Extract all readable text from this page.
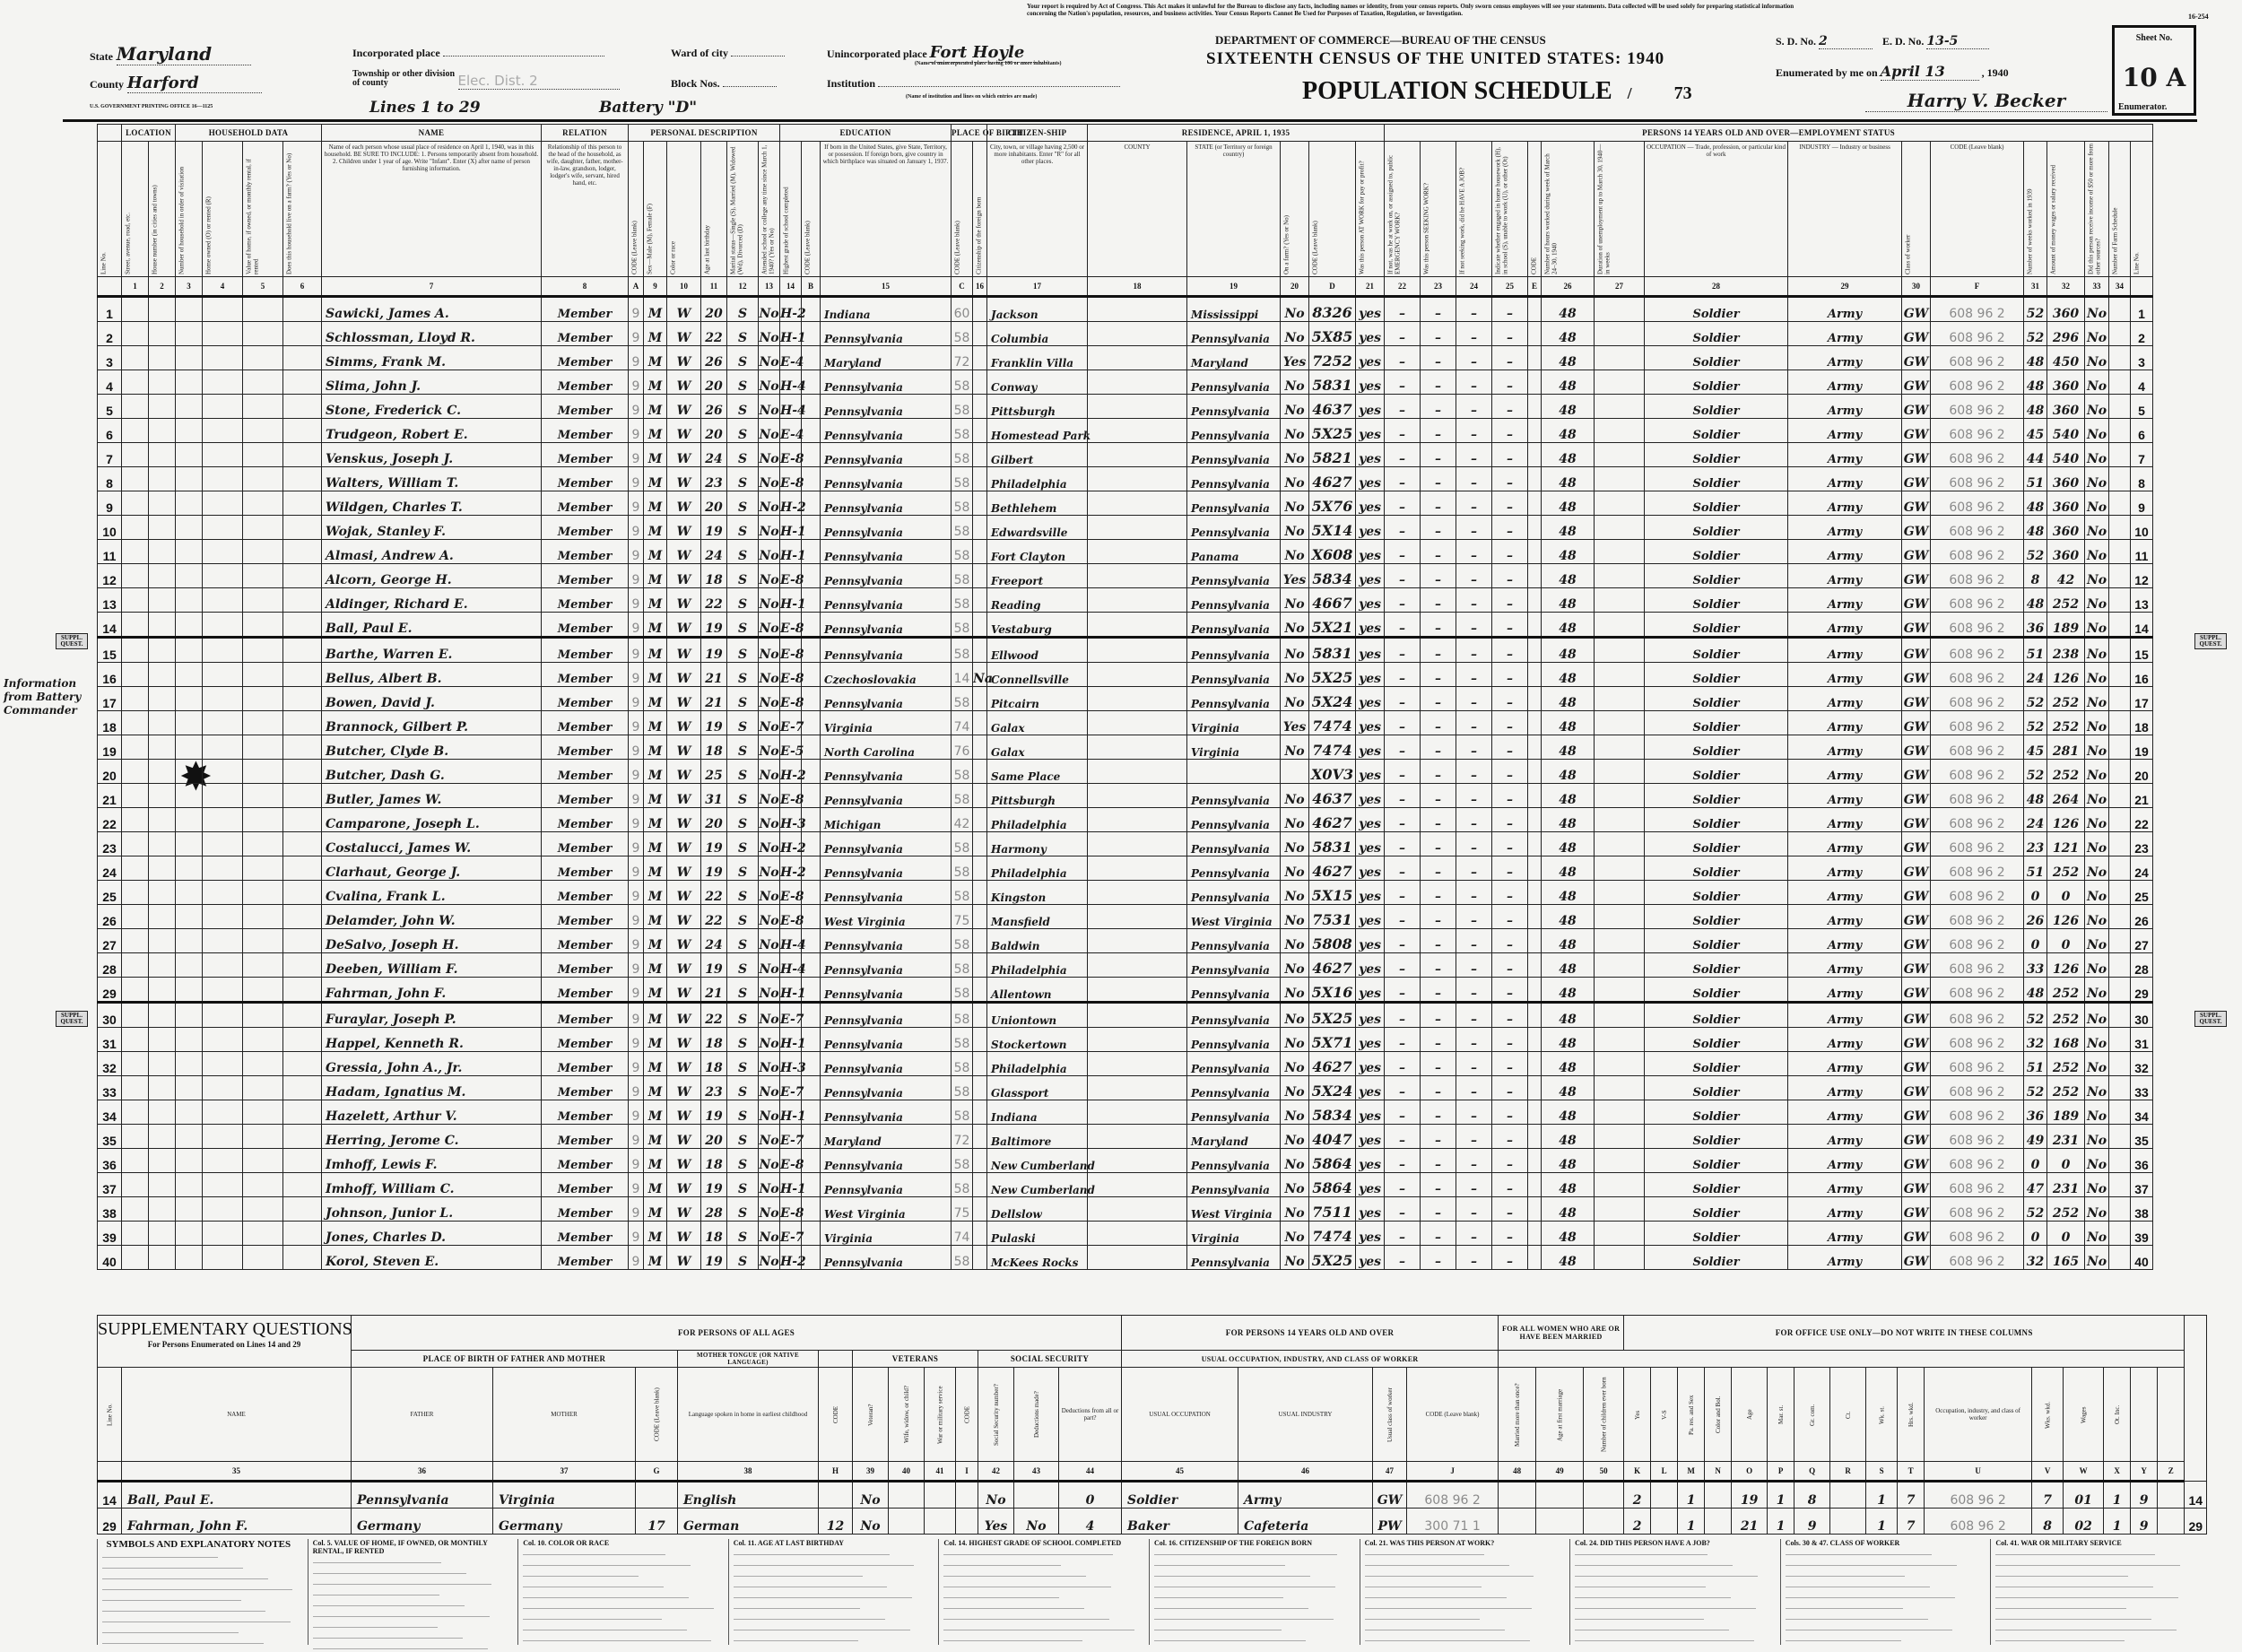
16-254
Your report is required by Act of Congress. This Act makes it unlawful for the Bureau to disclose any facts, including names or identity, from your census reports. Only sworn census employees will see your statements. Data collected will be used solely for preparing statistical information concerning the Nation's population, resources, and business activities. Your Census Reports Cannot Be Used for Purposes of Taxation, Regulation, or Investigation.
State Maryland
County Harford
U.S. GOVERNMENT PRINTING OFFICE 16—1125
Incorporated place
Township or other division of county	Elec. Dist. 2
Lines 1 to 29	Battery "D"
Ward of city
Block Nos.
Unincorporated place Fort Hoyle
(Name of unincorporated place having 100 or more inhabitants)
Institution
(Name of institution and lines on which entries are made)
DEPARTMENT OF COMMERCE—BUREAU OF THE CENSUS
SIXTEENTH CENSUS OF THE UNITED STATES: 1940
POPULATION SCHEDULE / 73
S. D. No. 2	E. D. No. 13-5
Enumerated by me on April 13	, 1940
Harry V. Becker	Enumerator.
Sheet No.
10 A
Information from Battery Commander
✸
SUPPL. QUEST.
SUPPL. QUEST.
SUPPL. QUEST.
SUPPL. QUEST.
	LOCATION		HOUSEHOLD DATA				NAME	RELATION	PERSONAL DESCRIPTION						EDUCATION			PLACE OF BIRTH		CITIZEN-SHIP	RESIDENCE, APRIL 1, 1935					PERSONS 14 YEARS OLD AND OVER—EMPLOYMENT STATUS																
Line No.	Street, avenue, road, etc.	House number (in cities and towns)	Number of household in order of visitation	Home owned (O) or rented (R)	Value of home, if owned, or monthly rental, if rented	Does this household live on a farm? (Yes or No)	Name of each person whose usual place of residence on April 1, 1940, was in this household. BE SURE TO INCLUDE: 1. Persons temporarily absent from household. 2. Children under 1 year of age. Write "Infant". Enter (X) after name of person furnishing information.	Relationship of this person to the head of the household, as wife, daughter, father, mother-in-law, grandson, lodger, lodger's wife, servant, hired hand, etc.	CODE (Leave blank)	Sex—Male (M), Female (F)	Color or race	Age at last birthday	Marital status—Single (S), Married (M), Widowed (Wd), Divorced (D)	Attended school or college any time since March 1, 1940? (Yes or No)	Highest grade of school completed	CODE (Leave blank)	If born in the United States, give State, Territory, or possession. If foreign born, give country in which birthplace was situated on January 1, 1937.	CODE (Leave blank)	Citizenship of the foreign born	City, town, or village having 2,500 or more inhabitants. Enter "R" for all other places.	COUNTY	STATE (or Territory or foreign country)	On a farm? (Yes or No)	CODE (Leave blank)	Was this person AT WORK for pay or profit?	If not, was he at work on, or assigned to, public EMERGENCY WORK?	Was this person SEEKING WORK?	If not seeking work, did he HAVE A JOB?	Indicate whether engaged in home housework (H), in school (S), unable to work (U), or other (Ot)	CODE	Number of hours worked during week of March 24–30, 1940	Duration of unemployment up to March 30, 1940—in weeks	OCCUPATION — Trade, profession, or particular kind of work	INDUSTRY — Industry or business	Class of worker	CODE (Leave blank)	Number of weeks worked in 1939	Amount of money wages or salary received	Did this person receive income of $50 or more from other sources?	Number of Farm Schedule	Line No.	
	1	2	3	4	5	6	7	8	A	9	10	11	12	13	14	B	15	C	16	17	18	19	20	D	21	22	23	24	25	E	26	27	28	29	30	F	31	32	33	34		
1							Sawicki, James A.	Member	9	M	W	20	S	No	H-2		Indiana	60		Jackson		Mississippi	No	8326	yes	–	–	–	–		48		Soldier	Army	GW	608 96 2	52	360	No		1	
2							Schlossman, Lloyd R.	Member	9	M	W	22	S	No	H-1		Pennsylvania	58		Columbia		Pennsylvania	No	5X85	yes	–	–	–	–		48		Soldier	Army	GW	608 96 2	52	296	No		2	
3							Simms, Frank M.	Member	9	M	W	26	S	No	E-4		Maryland	72		Franklin Villa		Maryland	Yes	7252	yes	–	–	–	–		48		Soldier	Army	GW	608 96 2	48	450	No		3	
4							Slima, John J.	Member	9	M	W	20	S	No	H-4		Pennsylvania	58		Conway		Pennsylvania	No	5831	yes	–	–	–	–		48		Soldier	Army	GW	608 96 2	48	360	No		4	
5							Stone, Frederick C.	Member	9	M	W	26	S	No	H-4		Pennsylvania	58		Pittsburgh		Pennsylvania	No	4637	yes	–	–	–	–		48		Soldier	Army	GW	608 96 2	48	360	No		5	
6							Trudgeon, Robert E.	Member	9	M	W	20	S	No	E-4		Pennsylvania	58		Homestead Park		Pennsylvania	No	5X25	yes	–	–	–	–		48		Soldier	Army	GW	608 96 2	45	540	No		6	
7							Venskus, Joseph J.	Member	9	M	W	24	S	No	E-8		Pennsylvania	58		Gilbert		Pennsylvania	No	5821	yes	–	–	–	–		48		Soldier	Army	GW	608 96 2	44	540	No		7	
8							Walters, William T.	Member	9	M	W	23	S	No	E-8		Pennsylvania	58		Philadelphia		Pennsylvania	No	4627	yes	–	–	–	–		48		Soldier	Army	GW	608 96 2	51	360	No		8	
9							Wildgen, Charles T.	Member	9	M	W	20	S	No	H-2		Pennsylvania	58		Bethlehem		Pennsylvania	No	5X76	yes	–	–	–	–		48		Soldier	Army	GW	608 96 2	48	360	No		9	
10							Wojak, Stanley F.	Member	9	M	W	19	S	No	H-1		Pennsylvania	58		Edwardsville		Pennsylvania	No	5X14	yes	–	–	–	–		48		Soldier	Army	GW	608 96 2	48	360	No		10	
11							Almasi, Andrew A.	Member	9	M	W	24	S	No	H-1		Pennsylvania	58		Fort Clayton		Panama	No	X608	yes	–	–	–	–		48		Soldier	Army	GW	608 96 2	52	360	No		11	
12							Alcorn, George H.	Member	9	M	W	18	S	No	E-8		Pennsylvania	58		Freeport		Pennsylvania	Yes	5834	yes	–	–	–	–		48		Soldier	Army	GW	608 96 2	8	42	No		12	
13							Aldinger, Richard E.	Member	9	M	W	22	S	No	H-1		Pennsylvania	58		Reading		Pennsylvania	No	4667	yes	–	–	–	–		48		Soldier	Army	GW	608 96 2	48	252	No		13	
14							Ball, Paul E.	Member	9	M	W	19	S	No	E-8		Pennsylvania	58		Vestaburg		Pennsylvania	No	5X21	yes	–	–	–	–		48		Soldier	Army	GW	608 96 2	36	189	No		14	
15							Barthe, Warren E.	Member	9	M	W	19	S	No	E-8		Pennsylvania	58		Ellwood		Pennsylvania	No	5831	yes	–	–	–	–		48		Soldier	Army	GW	608 96 2	51	238	No		15	
16							Bellus, Albert B.	Member	9	M	W	21	S	No	E-8		Czechoslovakia	14	Na	Connellsville		Pennsylvania	No	5X25	yes	–	–	–	–		48		Soldier	Army	GW	608 96 2	24	126	No		16	
17							Bowen, David J.	Member	9	M	W	21	S	No	E-8		Pennsylvania	58		Pitcairn		Pennsylvania	No	5X24	yes	–	–	–	–		48		Soldier	Army	GW	608 96 2	52	252	No		17	
18							Brannock, Gilbert P.	Member	9	M	W	19	S	No	E-7		Virginia	74		Galax		Virginia	Yes	7474	yes	–	–	–	–		48		Soldier	Army	GW	608 96 2	52	252	No		18	
19							Butcher, Clyde B.	Member	9	M	W	18	S	No	E-5		North Carolina	76		Galax		Virginia	No	7474	yes	–	–	–	–		48		Soldier	Army	GW	608 96 2	45	281	No		19	
20							Butcher, Dash G.	Member	9	M	W	25	S	No	H-2		Pennsylvania	58		Same Place				X0V3	yes	–	–	–	–		48		Soldier	Army	GW	608 96 2	52	252	No		20	
21							Butler, James W.	Member	9	M	W	31	S	No	E-8		Pennsylvania	58		Pittsburgh		Pennsylvania	No	4637	yes	–	–	–	–		48		Soldier	Army	GW	608 96 2	48	264	No		21	
22							Camparone, Joseph L.	Member	9	M	W	20	S	No	H-3		Michigan	42		Philadelphia		Pennsylvania	No	4627	yes	–	–	–	–		48		Soldier	Army	GW	608 96 2	24	126	No		22	
23							Costalucci, James W.	Member	9	M	W	19	S	No	H-2		Pennsylvania	58		Harmony		Pennsylvania	No	5831	yes	–	–	–	–		48		Soldier	Army	GW	608 96 2	23	121	No		23	
24							Clarhaut, George J.	Member	9	M	W	19	S	No	H-2		Pennsylvania	58		Philadelphia		Pennsylvania	No	4627	yes	–	–	–	–		48		Soldier	Army	GW	608 96 2	51	252	No		24	
25							Cvalina, Frank L.	Member	9	M	W	22	S	No	E-8		Pennsylvania	58		Kingston		Pennsylvania	No	5X15	yes	–	–	–	–		48		Soldier	Army	GW	608 96 2	0	0	No		25	
26							Delamder, John W.	Member	9	M	W	22	S	No	E-8		West Virginia	75		Mansfield		West Virginia	No	7531	yes	–	–	–	–		48		Soldier	Army	GW	608 96 2	26	126	No		26	
27							DeSalvo, Joseph H.	Member	9	M	W	24	S	No	H-4		Pennsylvania	58		Baldwin		Pennsylvania	No	5808	yes	–	–	–	–		48		Soldier	Army	GW	608 96 2	0	0	No		27	
28							Deeben, William F.	Member	9	M	W	19	S	No	H-4		Pennsylvania	58		Philadelphia		Pennsylvania	No	4627	yes	–	–	–	–		48		Soldier	Army	GW	608 96 2	33	126	No		28	
29							Fahrman, John F.	Member	9	M	W	21	S	No	H-1		Pennsylvania	58		Allentown		Pennsylvania	No	5X16	yes	–	–	–	–		48		Soldier	Army	GW	608 96 2	48	252	No		29	
30							Furaylar, Joseph P.	Member	9	M	W	22	S	No	E-7		Pennsylvania	58		Uniontown		Pennsylvania	No	5X25	yes	–	–	–	–		48		Soldier	Army	GW	608 96 2	52	252	No		30	
31							Happel, Kenneth R.	Member	9	M	W	18	S	No	H-1		Pennsylvania	58		Stockertown		Pennsylvania	No	5X71	yes	–	–	–	–		48		Soldier	Army	GW	608 96 2	32	168	No		31	
32							Gressia, John A., Jr.	Member	9	M	W	18	S	No	H-3		Pennsylvania	58		Philadelphia		Pennsylvania	No	4627	yes	–	–	–	–		48		Soldier	Army	GW	608 96 2	51	252	No		32	
33							Hadam, Ignatius M.	Member	9	M	W	23	S	No	E-7		Pennsylvania	58		Glassport		Pennsylvania	No	5X24	yes	–	–	–	–		48		Soldier	Army	GW	608 96 2	52	252	No		33	
34							Hazelett, Arthur V.	Member	9	M	W	19	S	No	H-1		Pennsylvania	58		Indiana		Pennsylvania	No	5834	yes	–	–	–	–		48		Soldier	Army	GW	608 96 2	36	189	No		34	
35							Herring, Jerome C.	Member	9	M	W	20	S	No	E-7		Maryland	72		Baltimore		Maryland	No	4047	yes	–	–	–	–		48		Soldier	Army	GW	608 96 2	49	231	No		35	
36							Imhoff, Lewis F.	Member	9	M	W	18	S	No	E-8		Pennsylvania	58		New Cumberland		Pennsylvania	No	5864	yes	–	–	–	–		48		Soldier	Army	GW	608 96 2	0	0	No		36	
37							Imhoff, William C.	Member	9	M	W	19	S	No	H-1		Pennsylvania	58		New Cumberland		Pennsylvania	No	5864	yes	–	–	–	–		48		Soldier	Army	GW	608 96 2	47	231	No		37	
38							Johnson, Junior L.	Member	9	M	W	28	S	No	E-8		West Virginia	75		Dellslow		West Virginia	No	7511	yes	–	–	–	–		48		Soldier	Army	GW	608 96 2	52	252	No		38	
39							Jones, Charles D.	Member	9	M	W	18	S	No	E-7		Virginia	74		Pulaski		Virginia	No	7474	yes	–	–	–	–		48		Soldier	Army	GW	608 96 2	0	0	No		39	
40							Korol, Steven E.	Member	9	M	W	19	S	No	H-2		Pennsylvania	58		McKees Rocks		Pennsylvania	No	5X25	yes	–	–	–	–		48		Soldier	Army	GW	608 96 2	32	165	No		40	
SUPPLEMENTARY QUESTIONS
For Persons Enumerated on Lines 14 and 29		FOR PERSONS OF ALL AGES												FOR PERSONS 14 YEARS OLD AND OVER				FOR ALL WOMEN WHO ARE OR HAVE BEEN MARRIED			FOR OFFICE USE ONLY—DO NOT WRITE IN THESE COLUMNS																
		PLACE OF BIRTH OF FATHER AND MOTHER			MOTHER TONGUE (OR NATIVE LANGUAGE)		VETERANS				SOCIAL SECURITY			USUAL OCCUPATION, INDUSTRY, AND CLASS OF WORKER																							
Line No.	NAME	FATHER	MOTHER	CODE (Leave blank)	Language spoken in home in earliest childhood	CODE	Veteran?	Wife, widow, or child?	War or military service	CODE	Social Security number?	Deductions made?	Deductions from all or part?	USUAL OCCUPATION	USUAL INDUSTRY	Usual class of worker	CODE (Leave blank)	Married more than once?	Age at first marriage	Number of children ever born	Yes	V-S	Pa. res. and Sex	Color and Bol.	Age	Mar. st.	Gr. com.	Ct.	Wk. st.	Hrs. wkd.	Occupation, industry, and class of worker	Wks. wkd.	Wages	Ot. Inc.			
	35	36	37	G	38	H	39	40	41	I	42	43	44	45	46	47	J	48	49	50	K	L	M	N	O	P	Q	R	S	T	U	V	W	X	Y	Z	
14	Ball, Paul E.	Pennsylvania	Virginia		English		No				No		0	Soldier	Army	GW	608 96 2				2		1		19	1	8		1	7	608 96 2	7	01	1	9		14
29	Fahrman, John F.	Germany	Germany	17	German	12	No				Yes	No	4	Baker	Cafeteria	PW	300 71 1				2		1		21	1	9		1	7	608 96 2	8	02	1	9		29
SYMBOLS AND EXPLANATORY NOTES	Col. 5. VALUE OF HOME, IF OWNED, OR MONTHLY RENTAL, IF RENTED
Col. 10. COLOR OR RACE	Col. 11. AGE AT LAST BIRTHDAY	Col. 14. HIGHEST GRADE OF SCHOOL COMPLETED	Col. 16. CITIZENSHIP OF THE FOREIGN BORN	Col. 21. WAS THIS PERSON AT WORK?	Col. 24. DID THIS PERSON HAVE A JOB?	Cols. 30 & 47. CLASS OF WORKER	Col. 41. WAR OR MILITARY SERVICE
